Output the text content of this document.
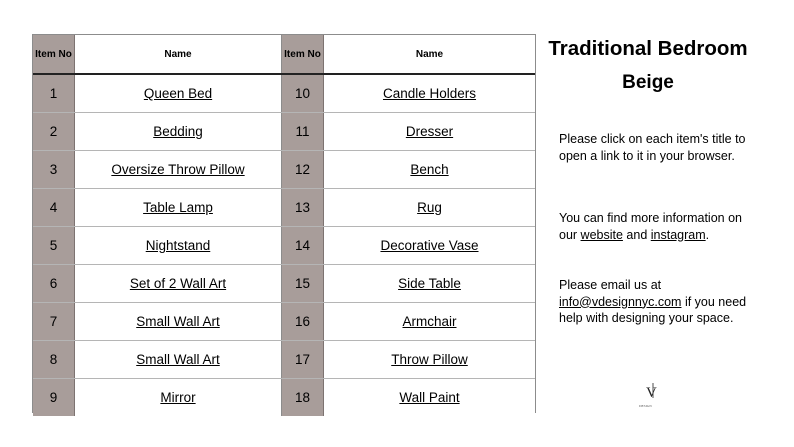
Item No	Name
1	Queen Bed
2	Bedding
3	Oversize Throw Pillow
4	Table Lamp
5	Nightstand
6	Set of 2 Wall Art
7	Small Wall Art
8	Small Wall Art
9	Mirror
Item No	Name
10	Candle Holders
11	Dresser
12	Bench
13	Rug
14	Decorative Vase
15	Side Table
16	Armchair
17	Throw Pillow
18	Wall Paint
Traditional Bedroom
Beige

Please click on each item's title to open a link to it in your browser.

You can find more information on our website and instagram.

Please email us at info@vdesignnyc.com if you need help with designing your space.

V
DESIGN
